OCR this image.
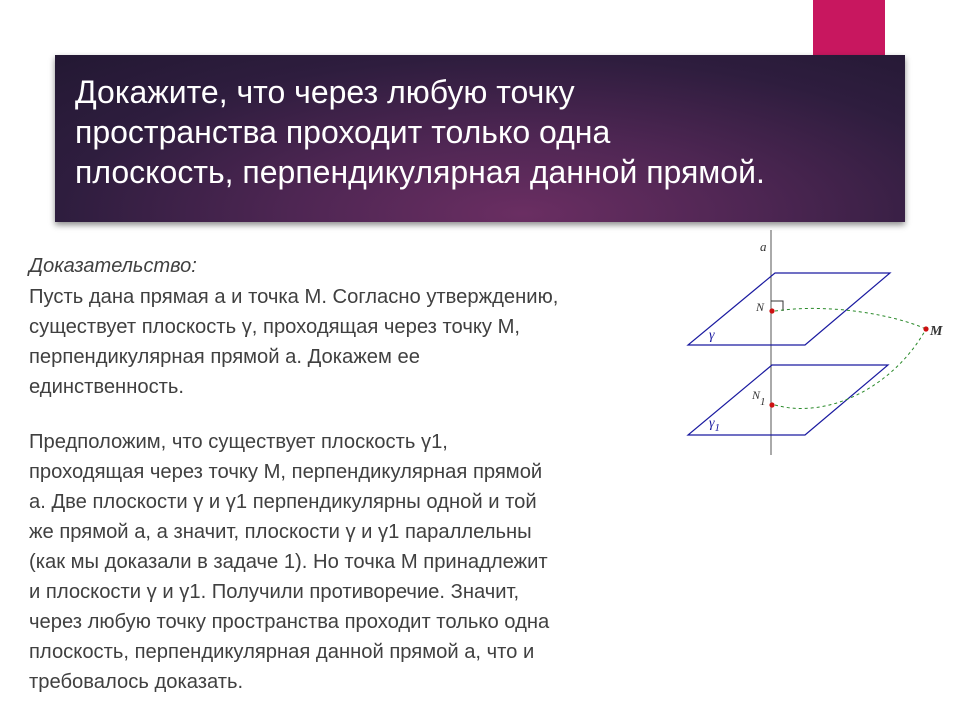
Докажите, что через любую точку
пространства проходит только одна
плоскость, перпендикулярная данной прямой.
Доказательство:
Пусть дана прямая а и точка М. Согласно утверждению,
существует плоскость γ, проходящая через точку М,
перпендикулярная прямой а. Докажем ее
единственность.
Предположим, что существует плоскость γ1,
проходящая через точку М, перпендикулярная прямой
а. Две плоскости γ и γ1 перпендикулярны одной и той
же прямой а, а значит, плоскости γ и γ1 параллельны
(как мы доказали в задаче 1). Но точка М принадлежит
и плоскости γ и γ1. Получили противоречие. Значит,
через любую точку пространства проходит только одна
плоскость, перпендикулярная данной прямой а, что и
требовалось доказать.
a
N
N1
M
γ
$\gamma_1$
